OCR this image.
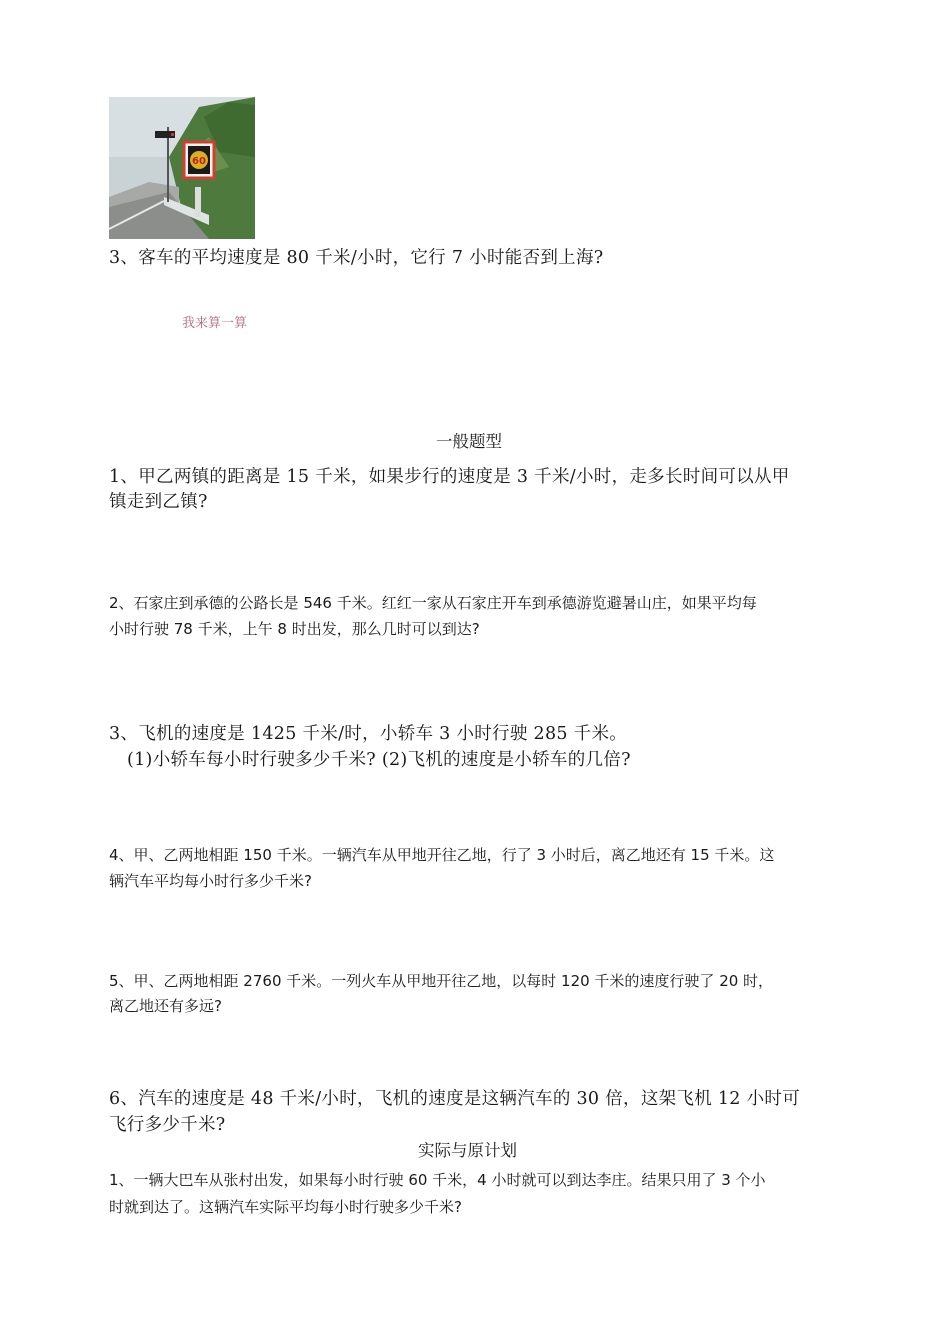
60
3、客车的平均速度是 80 千米/小时，它行 7 小时能否到上海?
我来算一算
一般题型
1、甲乙两镇的距离是 15 千米，如果步行的速度是 3 千米/小时，走多长时间可以从甲
镇走到乙镇?
2、石家庄到承德的公路长是 546 千米。红红一家从石家庄开车到承德游览避暑山庄，如果平均每
小时行驶 78 千米，上午 8 时出发，那么几时可以到达?
3、飞机的速度是 1425 千米/时，小轿车 3 小时行驶 285 千米。
(1)小轿车每小时行驶多少千米? (2)飞机的速度是小轿车的几倍?
4、甲、乙两地相距 150 千米。一辆汽车从甲地开往乙地，行了 3 小时后，离乙地还有 15 千米。这
辆汽车平均每小时行多少千米?
5、甲、乙两地相距 2760 千米。一列火车从甲地开往乙地，以每时 120 千米的速度行驶了 20 时，
离乙地还有多远?
6、汽车的速度是 48 千米/小时，飞机的速度是这辆汽车的 30 倍，这架飞机 12 小时可
飞行多少千米?
实际与原计划
1、一辆大巴车从张村出发，如果每小时行驶 60 千米，4 小时就可以到达李庄。结果只用了 3 个小
时就到达了。这辆汽车实际平均每小时行驶多少千米?
